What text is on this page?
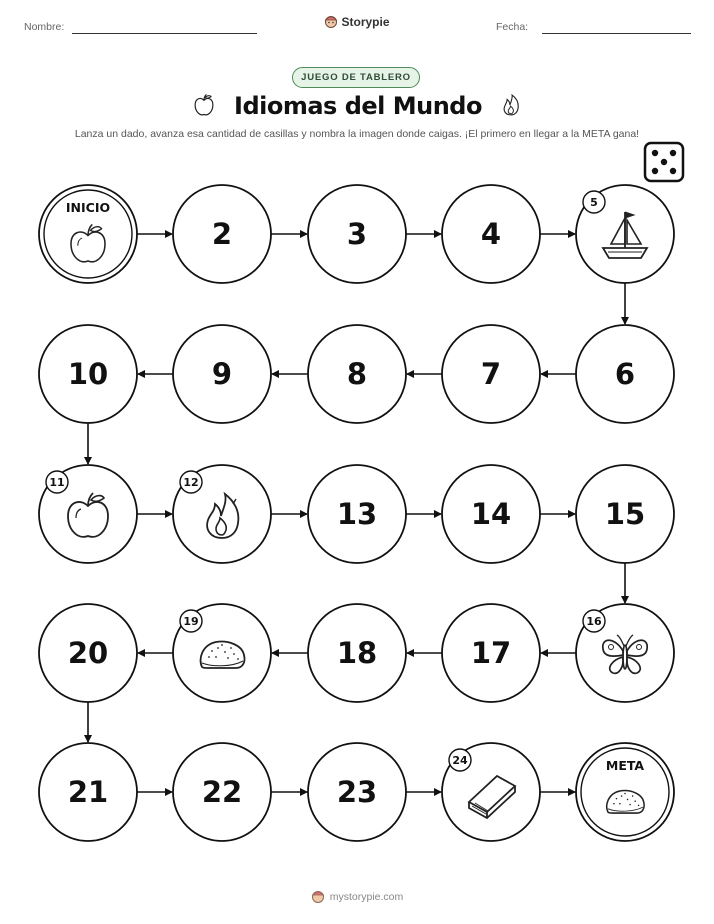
Nombre:	Fecha:
Storypie
JUEGO DE TABLERO
Idiomas del Mundo
Lanza un dado, avanza esa cantidad de casillas y nombra la imagen donde caigas. ¡El primero en llegar a la META gana!
INICIO
2	3	4
5
6
7
8
9
10
11	12
13	14	15
16
17
18
19
20
21	22	23
24	META
mystorypie.com
